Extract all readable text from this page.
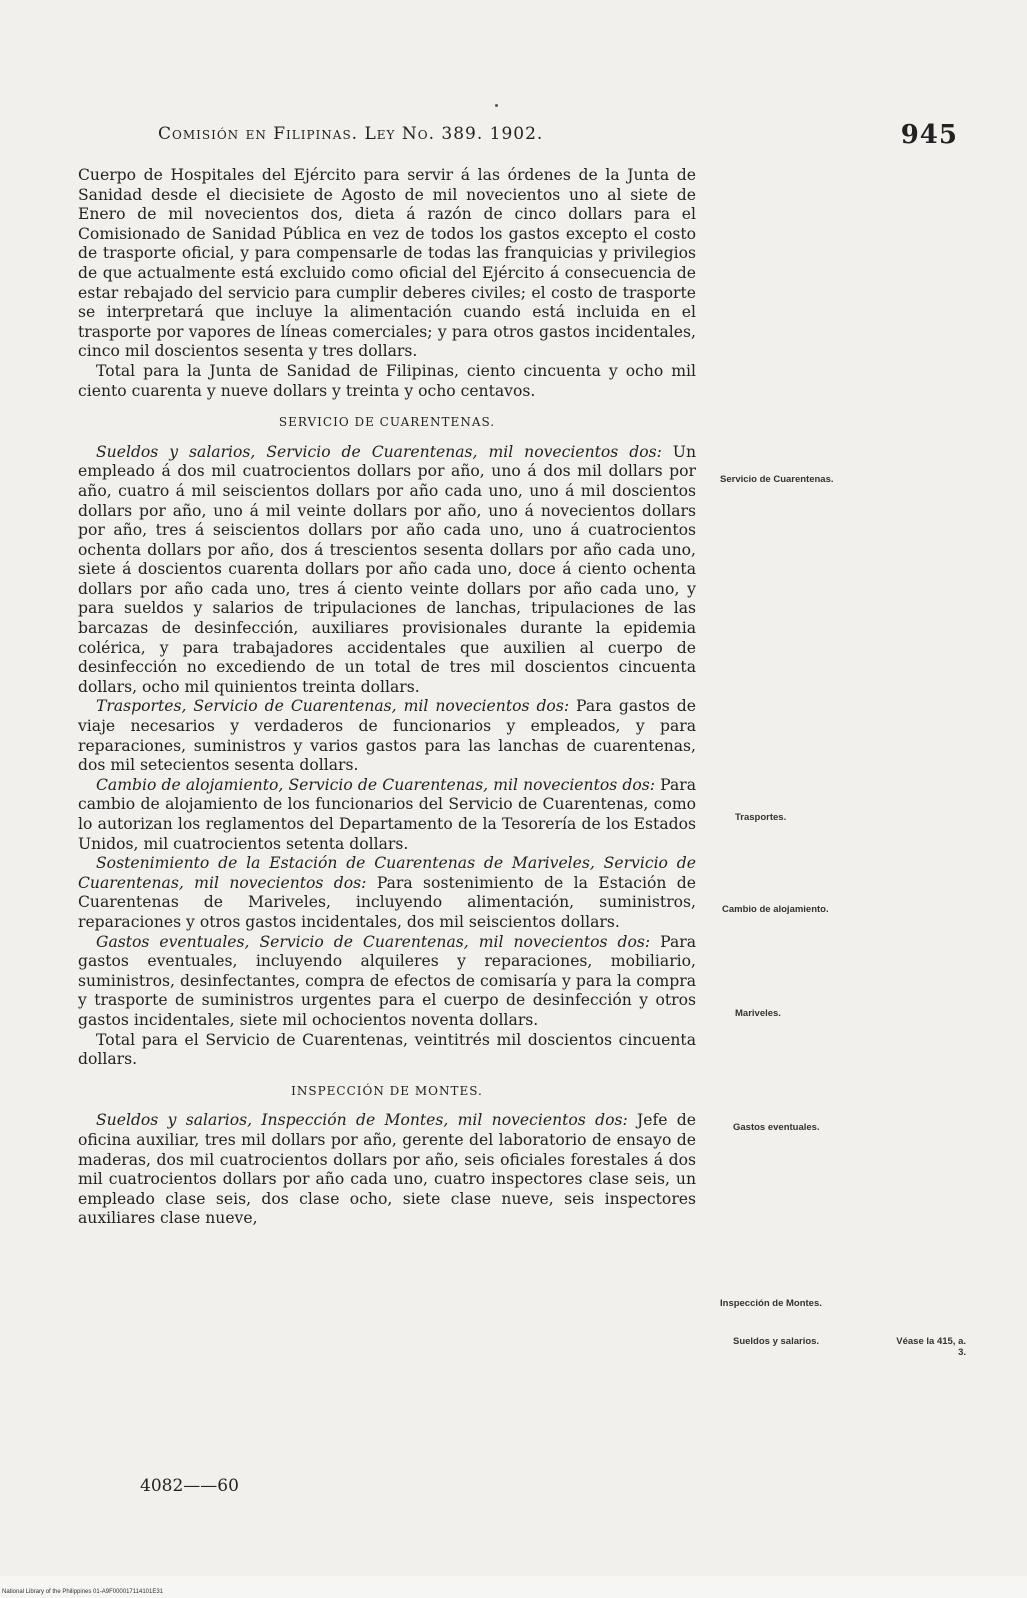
Comisión en Filipinas. Ley No. 389. 1902.	945

Cuerpo de Hospitales del Ejército para servir á las órdenes de la Junta de Sanidad desde el diecisiete de Agosto de mil novecientos uno al siete de Enero de mil novecientos dos, dieta á razón de cinco dollars para el Comisionado de Sanidad Pública en vez de todos los gastos excepto el costo de trasporte oficial, y para compensarle de todas las franquicias y privilegios de que actualmente está excluido como oficial del Ejército á consecuencia de estar rebajado del servicio para cumplir deberes civiles; el costo de trasporte se interpretará que incluye la alimentación cuando está incluida en el trasporte por vapores de líneas comerciales; y para otros gastos incidentales, cinco mil doscientos sesenta y tres dollars.

Total para la Junta de Sanidad de Filipinas, ciento cincuenta y ocho mil ciento cuarenta y nueve dollars y treinta y ocho centavos.

SERVICIO DE CUARENTENAS.

Sueldos y salarios, Servicio de Cuarentenas, mil novecientos dos: Un empleado á dos mil cuatrocientos dollars por año, uno á dos mil dollars por año, cuatro á mil seiscientos dollars por año cada uno, uno á mil doscientos dollars por año, uno á mil veinte dollars por año, uno á novecientos dollars por año, tres á seiscientos dollars por año cada uno, uno á cuatrocientos ochenta dollars por año, dos á trescientos sesenta dollars por año cada uno, siete á doscientos cuarenta dollars por año cada uno, doce á ciento ochenta dollars por año cada uno, tres á ciento veinte dollars por año cada uno, y para sueldos y salarios de tripulaciones de lanchas, tripulaciones de las barcazas de desinfección, auxiliares provisionales durante la epidemia colérica, y para trabajadores accidentales que auxilien al cuerpo de desinfección no excediendo de un total de tres mil doscientos cincuenta dollars, ocho mil quinientos treinta dollars.

Trasportes, Servicio de Cuarentenas, mil novecientos dos: Para gastos de viaje necesarios y verdaderos de funcionarios y empleados, y para reparaciones, suministros y varios gastos para las lanchas de cuarentenas, dos mil setecientos sesenta dollars.

Cambio de alojamiento, Servicio de Cuarentenas, mil novecientos dos: Para cambio de alojamiento de los funcionarios del Servicio de Cuarentenas, como lo autorizan los reglamentos del Departamento de la Tesorería de los Estados Unidos, mil cuatrocientos setenta dollars.

Sostenimiento de la Estación de Cuarentenas de Mariveles, Servicio de Cuarentenas, mil novecientos dos: Para sostenimiento de la Estación de Cuarentenas de Mariveles, incluyendo alimentación, suministros, reparaciones y otros gastos incidentales, dos mil seiscientos dollars.

Gastos eventuales, Servicio de Cuarentenas, mil novecientos dos: Para gastos eventuales, incluyendo alquileres y reparaciones, mobiliario, suministros, desinfectantes, compra de efectos de comisaría y para la compra y trasporte de suministros urgentes para el cuerpo de desinfección y otros gastos incidentales, siete mil ochocientos noventa dollars.

Total para el Servicio de Cuarentenas, veintitrés mil doscientos cincuenta dollars.

INSPECCIÓN DE MONTES.

Sueldos y salarios, Inspección de Montes, mil novecientos dos: Jefe de oficina auxiliar, tres mil dollars por año, gerente del laboratorio de ensayo de maderas, dos mil cuatrocientos dollars por año, seis oficiales forestales á dos mil cuatrocientos dollars por año cada uno, cuatro inspectores clase seis, un empleado clase seis, dos clase ocho, siete clase nueve, seis inspectores auxiliares clase nueve,

Servicio de Cuarentenas.
Trasportes.
Cambio de alojamiento.
Mariveles.
Gastos eventuales.
Inspección de Montes.
Sueldos y salarios.	Véase la 415, a. 3.
4082——60
National Library of the Philippines 01-A9F000017114101E31
